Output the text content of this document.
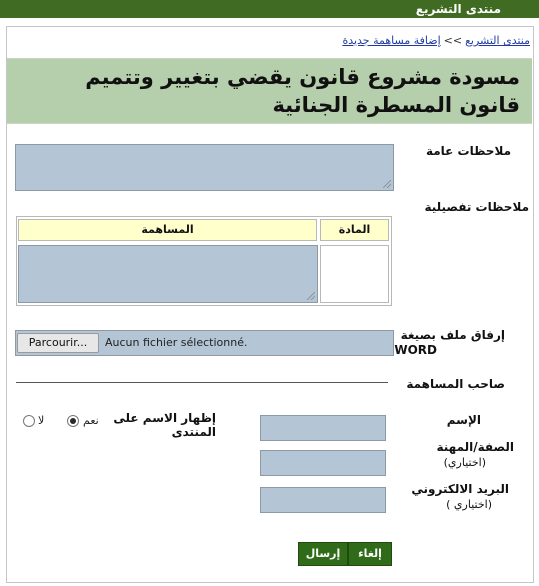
منتدى التشريع
منتدى التشريع>>إضافة مساهمة جديدة
مسودة مشروع قانون يقضي بتغيير وتتميم قانون المسطرة الجنائية
ملاحظات عامة
ملاحظات تفصيلية
المساهمة	المادة
إرفاق ملف بصيغة
WORD
Parcourir...	Aucun fichier sélectionné.
صاحب المساهمة
الإسم
الصفة/المهنة
(اختياري)
البريد الالكتروني
(اختياري )
إظهار الاسم على المنتدى
نعم
لا
إرسال	إلغاء
